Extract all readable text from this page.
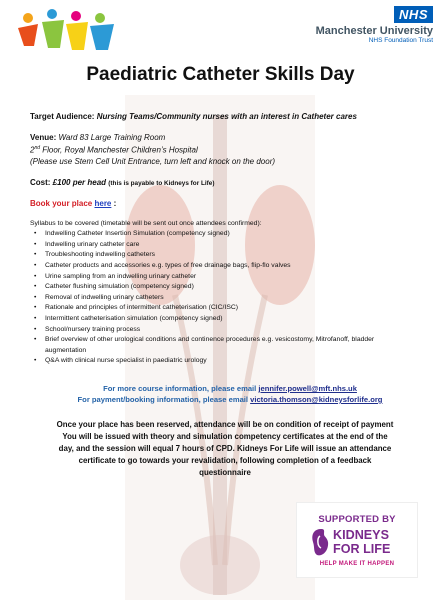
NHS
Manchester University
NHS Foundation Trust
Paediatric Catheter Skills Day

Target Audience: Nursing Teams/Community nurses with an interest in Catheter cares

Venue: Ward 83 Large Training Room

2nd Floor, Royal Manchester Children’s Hospital

(Please use Stem Cell Unit Entrance, turn left and knock on the door)

Cost: £100 per head (this is payable to Kidneys for Life)

Book your place here :

Syllabus to be covered (timetable will be sent out once attendees confirmed):

• Indwelling Catheter Insertion Simulation (competency signed)
• Indwelling urinary catheter care
• Troubleshooting indwelling catheters
• Catheter products and accessories e.g. types of free drainage bags, flip-flo valves
• Urine sampling from an indwelling urinary catheter
• Catheter flushing simulation (competency signed)
• Removal of indwelling urinary catheters
• Rationale and principles of intermittent catheterisation (CIC/ISC)
• Intermittent catheterisation simulation (competency signed)
• School/nursery training process
• Brief overview of other urological conditions and continence procedures e.g. vesicostomy, Mitrofanoff, bladder augmentation
• Q&A with clinical nurse specialist in paediatric urology

For more course information, please email jennifer.powell@mft.nhs.uk

For payment/booking information, please email victoria.thomson@kidneysforlife.org

Once your place has been reserved, attendance will be on condition of receipt of payment

You will be issued with theory and simulation competency certificates at the end of the

day, and the session will equal 7 hours of CPD. Kidneys For Life will issue an attendance

certificate to go towards your revalidation, following completion of a feedback

questionnaire

SUPPORTED BY
KIDNEYS
FOR LIFE
HELP MAKE IT HAPPEN
